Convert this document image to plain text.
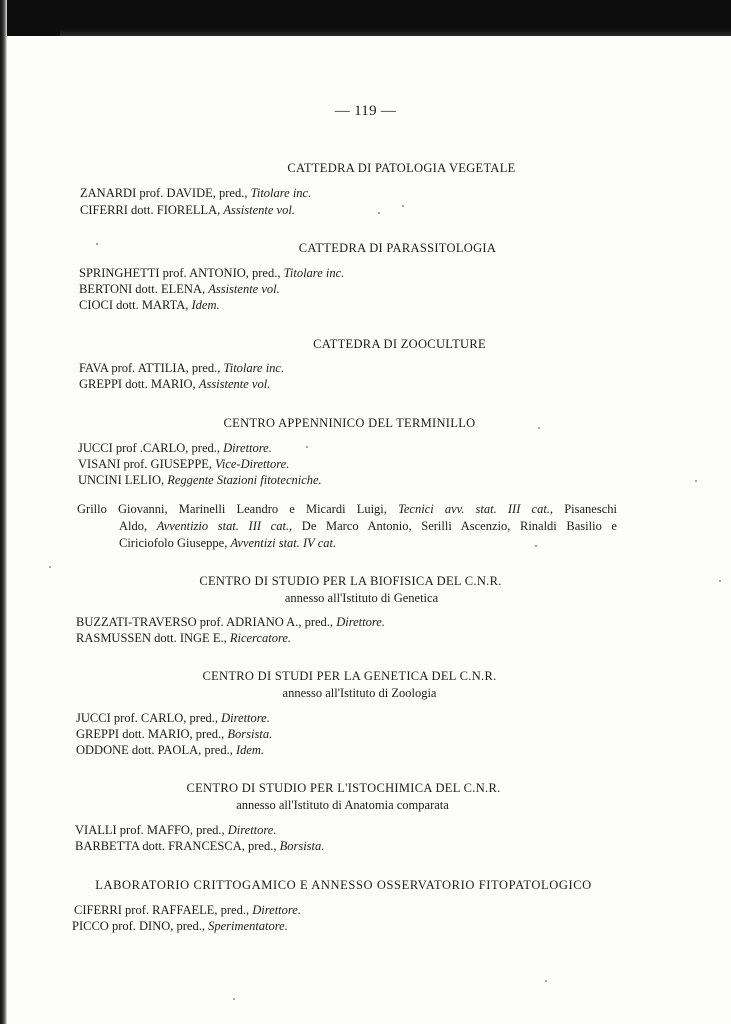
— 119 —
CATTEDRA DI PATOLOGIA VEGETALE
ZANARDI prof. DAVIDE, pred., Titolare inc.
CIFERRI dott. FIORELLA, Assistente vol.
CATTEDRA DI PARASSITOLOGIA
SPRINGHETTI prof. ANTONIO, pred., Titolare inc.
BERTONI dott. ELENA, Assistente vol.
CIOCI dott. MARTA, Idem.
CATTEDRA DI ZOOCULTURE
FAVA prof. ATTILIA, pred., Titolare inc.
GREPPI dott. MARIO, Assistente vol.
CENTRO APPENNINICO DEL TERMINILLO
JUCCI prof .CARLO, pred., Direttore.
VISANI prof. GIUSEPPE, Vice-Direttore.
UNCINI LELIO, Reggente Stazioni fitotecniche.
Grillo Giovanni, Marinelli Leandro e Micardi Luigi, Tecnici avv. stat. III cat., Pisaneschi
Aldo, Avventizio stat. III cat., De Marco Antonio, Serilli Ascenzio, Rinaldi Basilio e
Ciriciofolo Giuseppe, Avventizi stat. IV cat.
CENTRO DI STUDIO PER LA BIOFISICA DEL C.N.R.
annesso all'Istituto di Genetica
BUZZATI-TRAVERSO prof. ADRIANO A., pred., Direttore.
RASMUSSEN dott. INGE E., Ricercatore.
CENTRO DI STUDI PER LA GENETICA DEL C.N.R.
annesso all'Istituto di Zoologia
JUCCI prof. CARLO, pred., Direttore.
GREPPI dott. MARIO, pred., Borsista.
ODDONE dott. PAOLA, pred., Idem.
CENTRO DI STUDIO PER L'ISTOCHIMICA DEL C.N.R.
annesso all'Istituto di Anatomia comparata
VIALLI prof. MAFFO, pred., Direttore.
BARBETTA dott. FRANCESCA, pred., Borsista.
LABORATORIO CRITTOGAMICO E ANNESSO OSSERVATORIO FITOPATOLOGICO
CIFERRI prof. RAFFAELE, pred., Direttore.
PICCO prof. DINO, pred., Sperimentatore.
